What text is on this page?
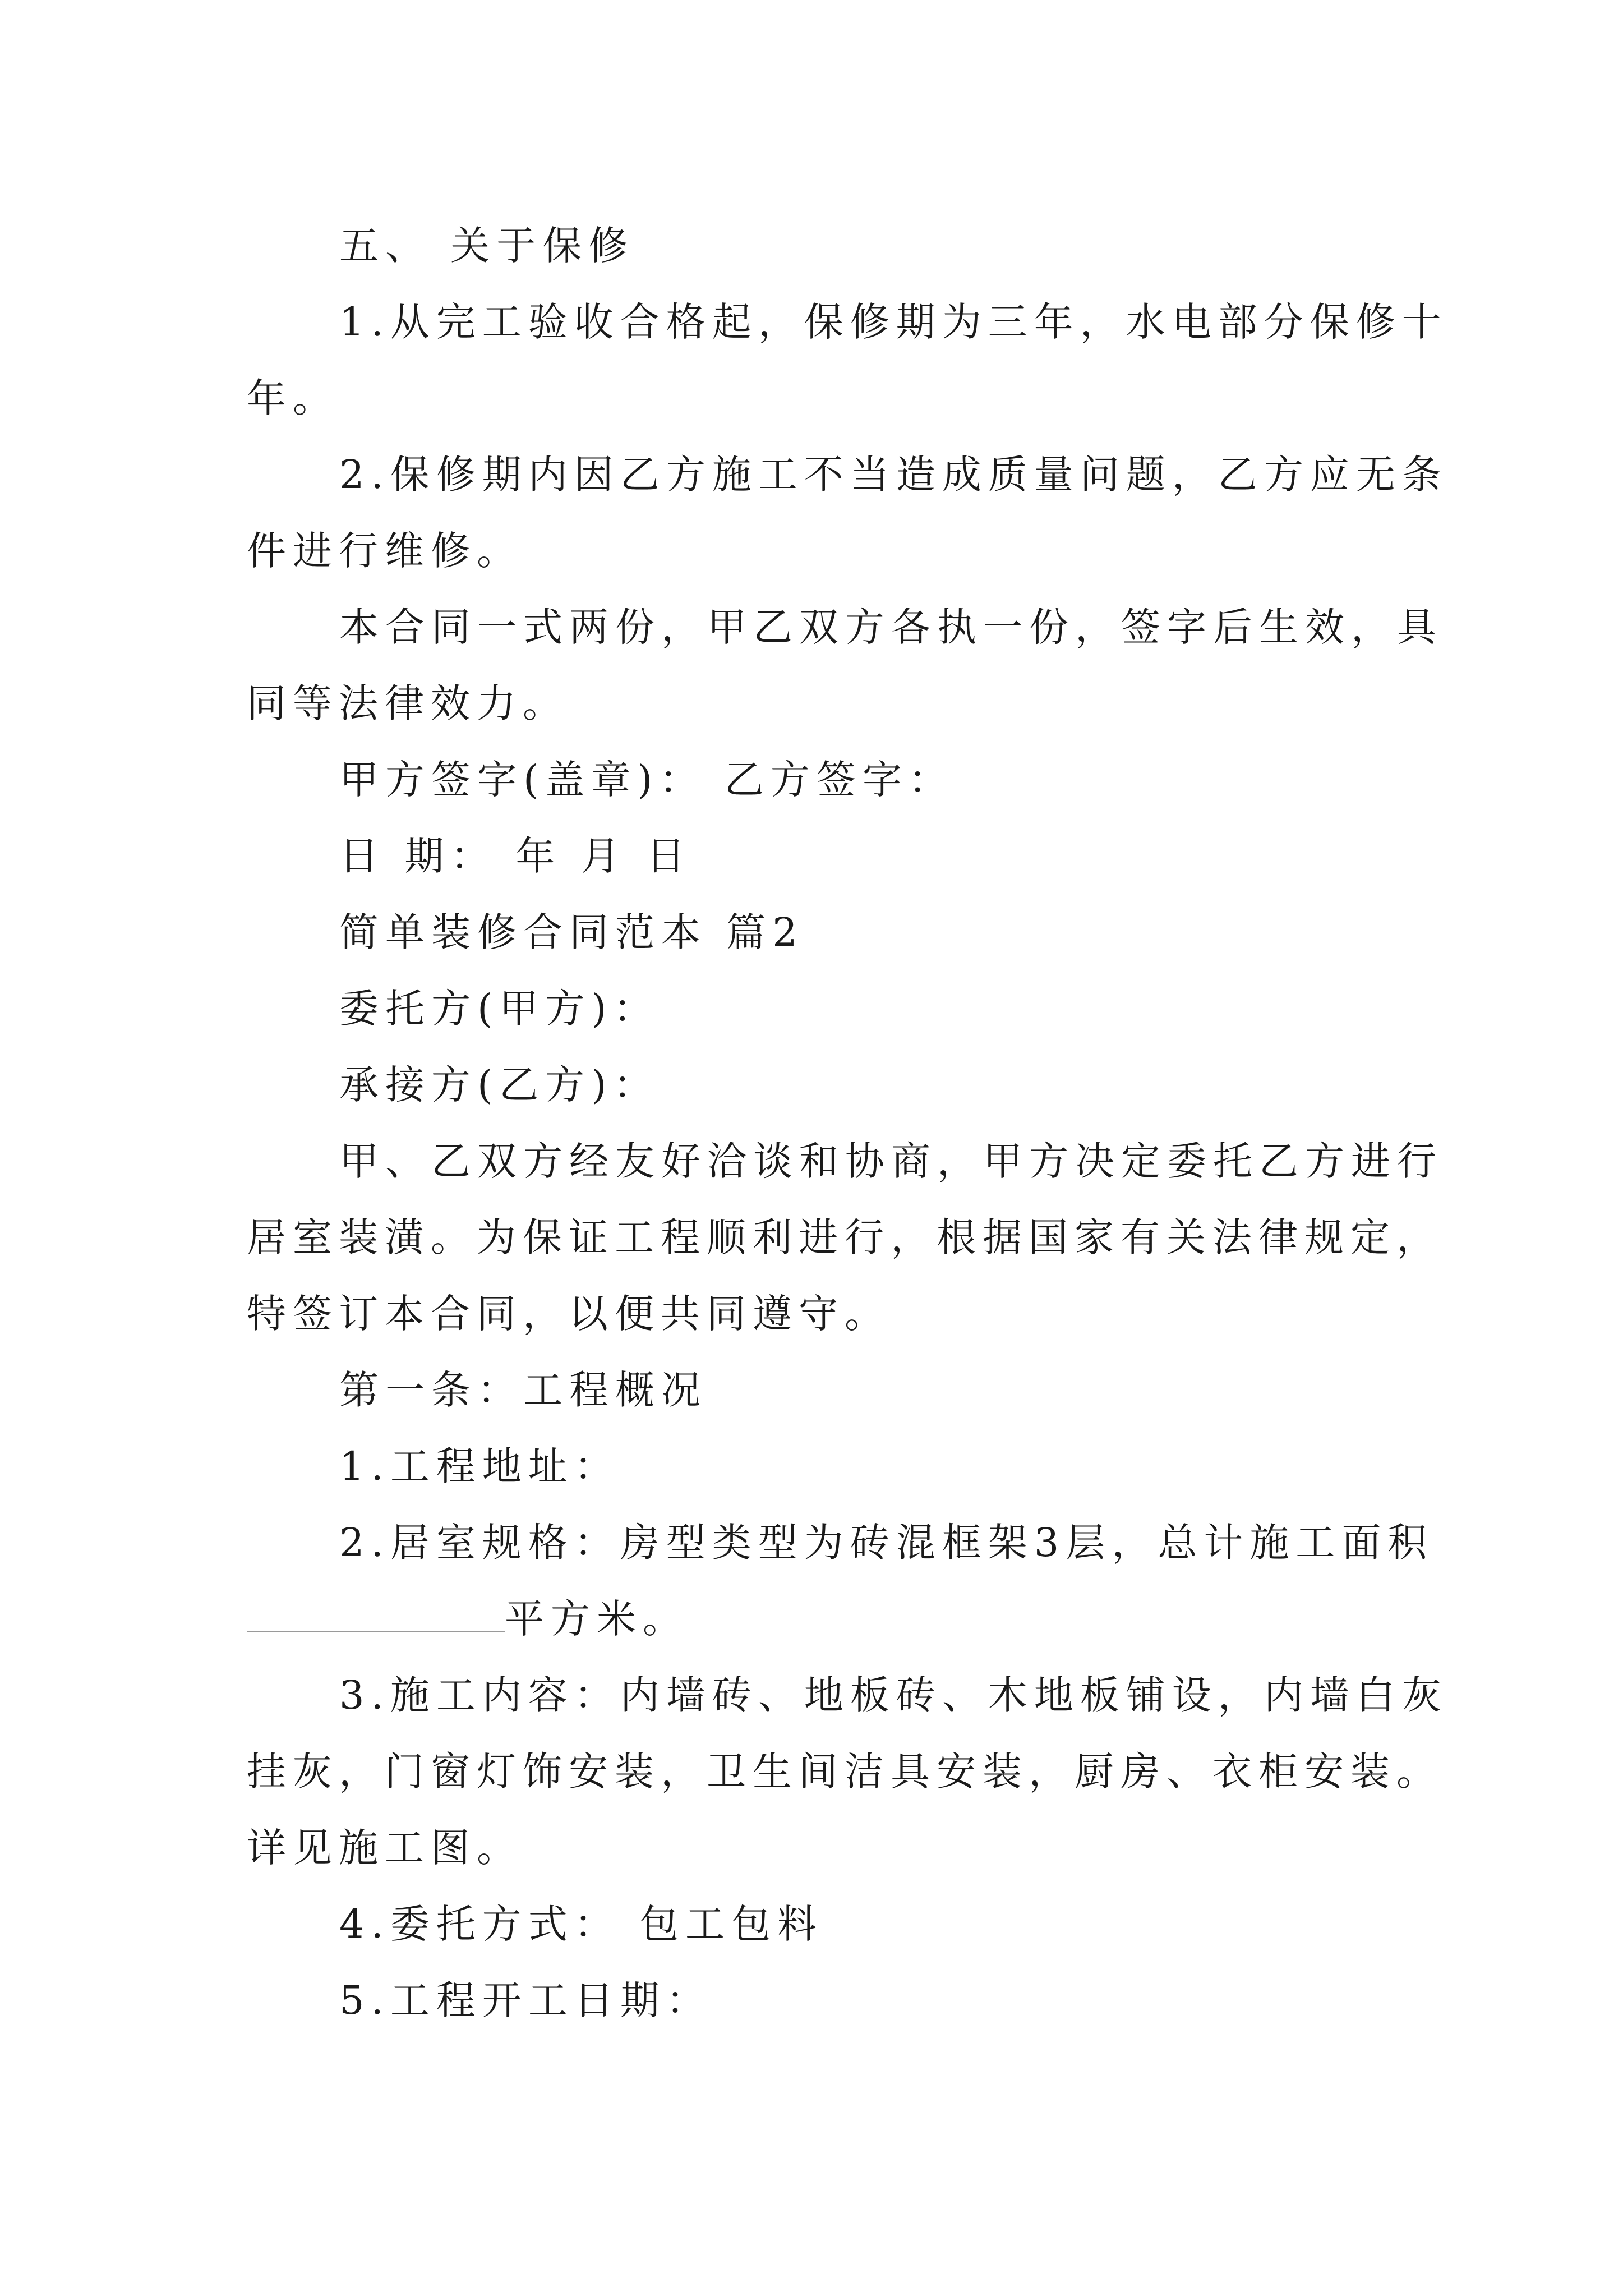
五、 关于保修
1.从完工验收合格起，保修期为三年，水电部分保修十
年。
2.保修期内因乙方施工不当造成质量问题，乙方应无条
件进行维修。
本合同一式两份，甲乙双方各执一份，签字后生效，具
同等法律效力。
甲方签字(盖章)： 乙方签字：
日 期： 年 月 日
简单装修合同范本 篇2
委托方(甲方)：
承接方(乙方)：
甲、乙双方经友好洽谈和协商，甲方决定委托乙方进行
居室装潢。为保证工程顺利进行，根据国家有关法律规定，
特签订本合同，以便共同遵守。
第一条：工程概况
1.工程地址：
2.居室规格：房型类型为砖混框架3层，总计施工面积
平方米。
3.施工内容：内墙砖、地板砖、木地板铺设，内墙白灰
挂灰，门窗灯饰安装，卫生间洁具安装，厨房、衣柜安装。
详见施工图。
4.委托方式： 包工包料
5.工程开工日期：
